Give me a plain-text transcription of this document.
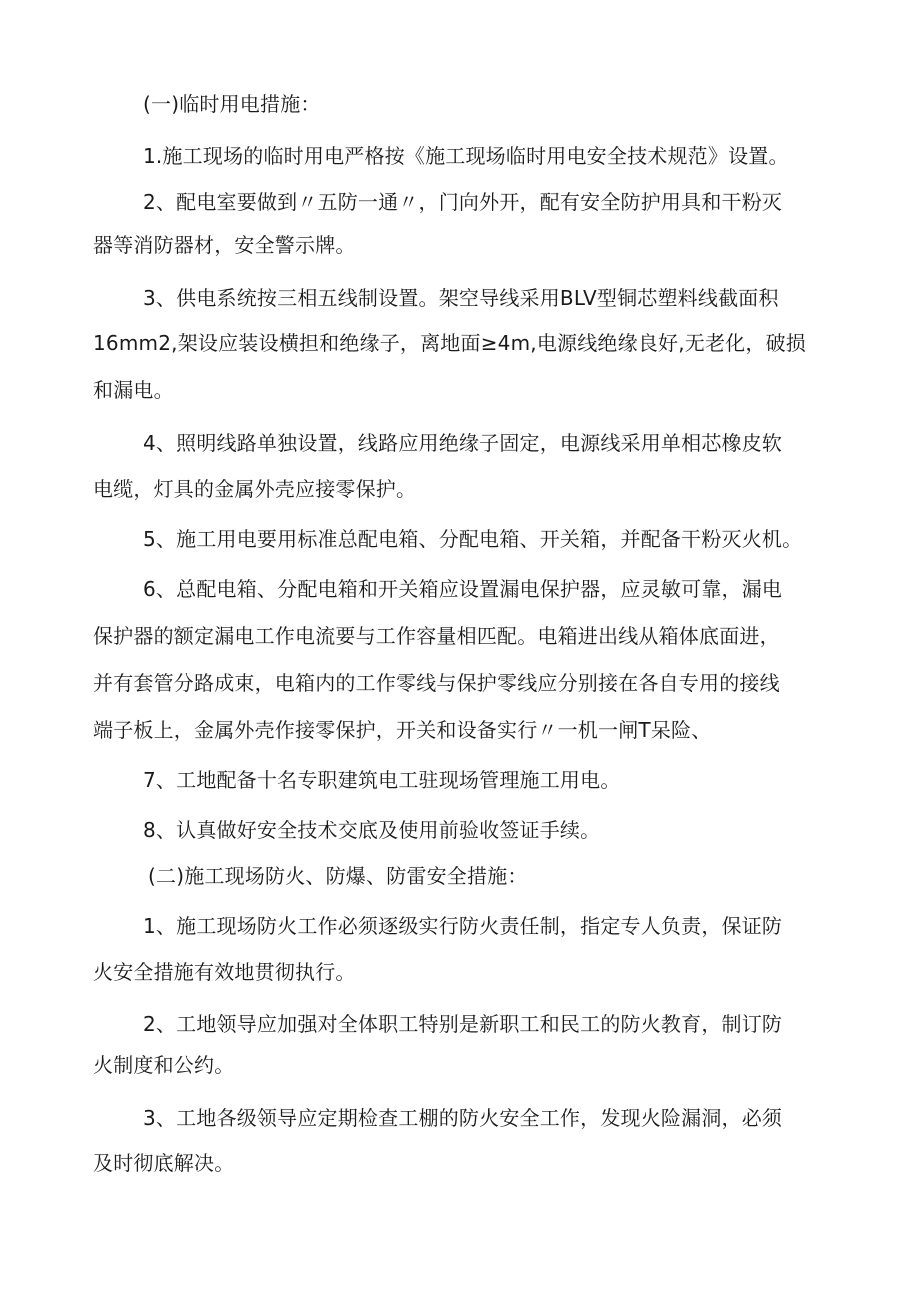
(一)临时用电措施：
1.施工现场的临时用电严格按《施工现场临时用电安全技术规范》设置。
2、配电室要做到〃五防一通〃，门向外开，配有安全防护用具和干粉灭
器等消防器材，安全警示牌。
3、供电系统按三相五线制设置。架空导线采用BLV型铜芯塑料线截面积
16mm2,架设应装设横担和绝缘子，离地面≥4m,电源线绝缘良好,无老化，破损
和漏电。
4、照明线路单独设置，线路应用绝缘子固定，电源线采用单相芯橡皮软
电缆，灯具的金属外壳应接零保护。
5、施工用电要用标准总配电箱、分配电箱、开关箱，并配备干粉灭火机。
6、总配电箱、分配电箱和开关箱应设置漏电保护器，应灵敏可靠，漏电
保护器的额定漏电工作电流要与工作容量相匹配。电箱进出线从箱体底面进，
并有套管分路成束，电箱内的工作零线与保护零线应分别接在各自专用的接线
端子板上，金属外壳作接零保护，开关和设备实行〃一机一闸T呆险、
7、工地配备十名专职建筑电工驻现场管理施工用电。
8、认真做好安全技术交底及使用前验收签证手续。
(二)施工现场防火、防爆、防雷安全措施：
1、施工现场防火工作必须逐级实行防火责任制，指定专人负责，保证防
火安全措施有效地贯彻执行。
2、工地领导应加强对全体职工特别是新职工和民工的防火教育，制订防
火制度和公约。
3、工地各级领导应定期检查工棚的防火安全工作，发现火险漏洞，必须
及时彻底解决。
